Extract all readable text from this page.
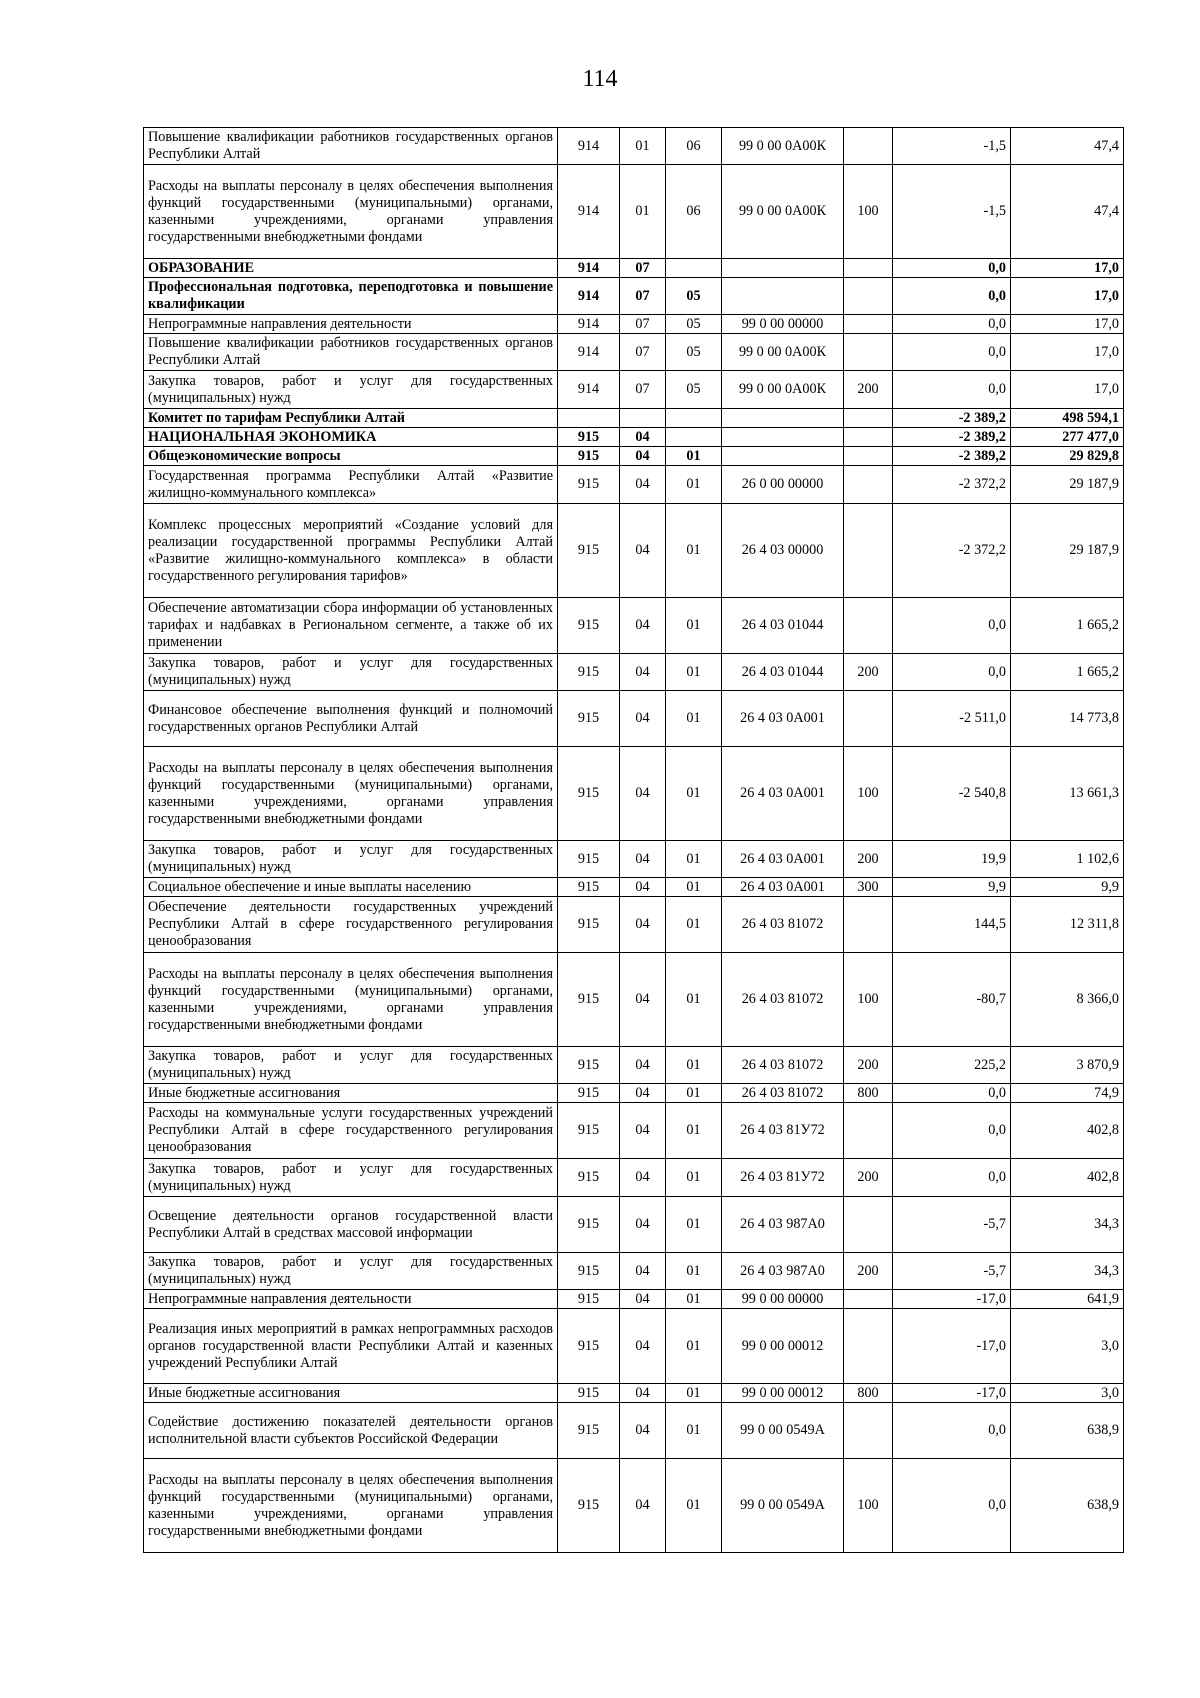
114
Повышение квалификации работников государственных органов Республики Алтай	914	01	06	99 0 00 0А00К		-1,5	47,4
Расходы на выплаты персоналу в целях обеспечения выполнения функций государственными (муниципальными) органами, казенными учреждениями, органами управления государственными внебюджетными фондами	914	01	06	99 0 00 0А00К	100	-1,5	47,4
ОБРАЗОВАНИЕ	914	07				0,0	17,0
Профессиональная подготовка, переподготовка и повышение квалификации	914	07	05			0,0	17,0
Непрограммные направления деятельности	914	07	05	99 0 00 00000		0,0	17,0
Повышение квалификации работников государственных органов Республики Алтай	914	07	05	99 0 00 0А00К		0,0	17,0
Закупка товаров, работ и услуг для государственных (муниципальных) нужд	914	07	05	99 0 00 0А00К	200	0,0	17,0
Комитет по тарифам Республики Алтай						-2 389,2	498 594,1
НАЦИОНАЛЬНАЯ ЭКОНОМИКА	915	04				-2 389,2	277 477,0
Общеэкономические вопросы	915	04	01			-2 389,2	29 829,8
Государственная программа Республики Алтай «Развитие жилищно-коммунального комплекса»	915	04	01	26 0 00 00000		-2 372,2	29 187,9
Комплекс процессных мероприятий «Создание условий для реализации государственной программы Республики Алтай «Развитие жилищно-коммунального комплекса» в области государственного регулирования тарифов»	915	04	01	26 4 03 00000		-2 372,2	29 187,9
Обеспечение автоматизации сбора информации об установленных тарифах и надбавках в Региональном сегменте, а также об их применении	915	04	01	26 4 03 01044		0,0	1 665,2
Закупка товаров, работ и услуг для государственных (муниципальных) нужд	915	04	01	26 4 03 01044	200	0,0	1 665,2
Финансовое обеспечение выполнения функций и полномочий государственных органов Республики Алтай	915	04	01	26 4 03 0А001		-2 511,0	14 773,8
Расходы на выплаты персоналу в целях обеспечения выполнения функций государственными (муниципальными) органами, казенными учреждениями, органами управления государственными внебюджетными фондами	915	04	01	26 4 03 0А001	100	-2 540,8	13 661,3
Закупка товаров, работ и услуг для государственных (муниципальных) нужд	915	04	01	26 4 03 0А001	200	19,9	1 102,6
Социальное обеспечение и иные выплаты населению	915	04	01	26 4 03 0А001	300	9,9	9,9
Обеспечение деятельности государственных учреждений Республики Алтай в сфере государственного регулирования ценообразования	915	04	01	26 4 03 81072		144,5	12 311,8
Расходы на выплаты персоналу в целях обеспечения выполнения функций государственными (муниципальными) органами, казенными учреждениями, органами управления государственными внебюджетными фондами	915	04	01	26 4 03 81072	100	-80,7	8 366,0
Закупка товаров, работ и услуг для государственных (муниципальных) нужд	915	04	01	26 4 03 81072	200	225,2	3 870,9
Иные бюджетные ассигнования	915	04	01	26 4 03 81072	800	0,0	74,9
Расходы на коммунальные услуги государственных учреждений Республики Алтай в сфере государственного регулирования ценообразования	915	04	01	26 4 03 81У72		0,0	402,8
Закупка товаров, работ и услуг для государственных (муниципальных) нужд	915	04	01	26 4 03 81У72	200	0,0	402,8
Освещение деятельности органов государственной власти Республики Алтай в средствах массовой информации	915	04	01	26 4 03 987А0		-5,7	34,3
Закупка товаров, работ и услуг для государственных (муниципальных) нужд	915	04	01	26 4 03 987А0	200	-5,7	34,3
Непрограммные направления деятельности	915	04	01	99 0 00 00000		-17,0	641,9
Реализация иных мероприятий в рамках непрограммных расходов органов государственной власти Республики Алтай и казенных учреждений Республики Алтай	915	04	01	99 0 00 00012		-17,0	3,0
Иные бюджетные ассигнования	915	04	01	99 0 00 00012	800	-17,0	3,0
Содействие достижению показателей деятельности органов исполнительной власти субъектов Российской Федерации	915	04	01	99 0 00 0549А		0,0	638,9
Расходы на выплаты персоналу в целях обеспечения выполнения функций государственными (муниципальными) органами, казенными учреждениями, органами управления государственными внебюджетными фондами	915	04	01	99 0 00 0549А	100	0,0	638,9
